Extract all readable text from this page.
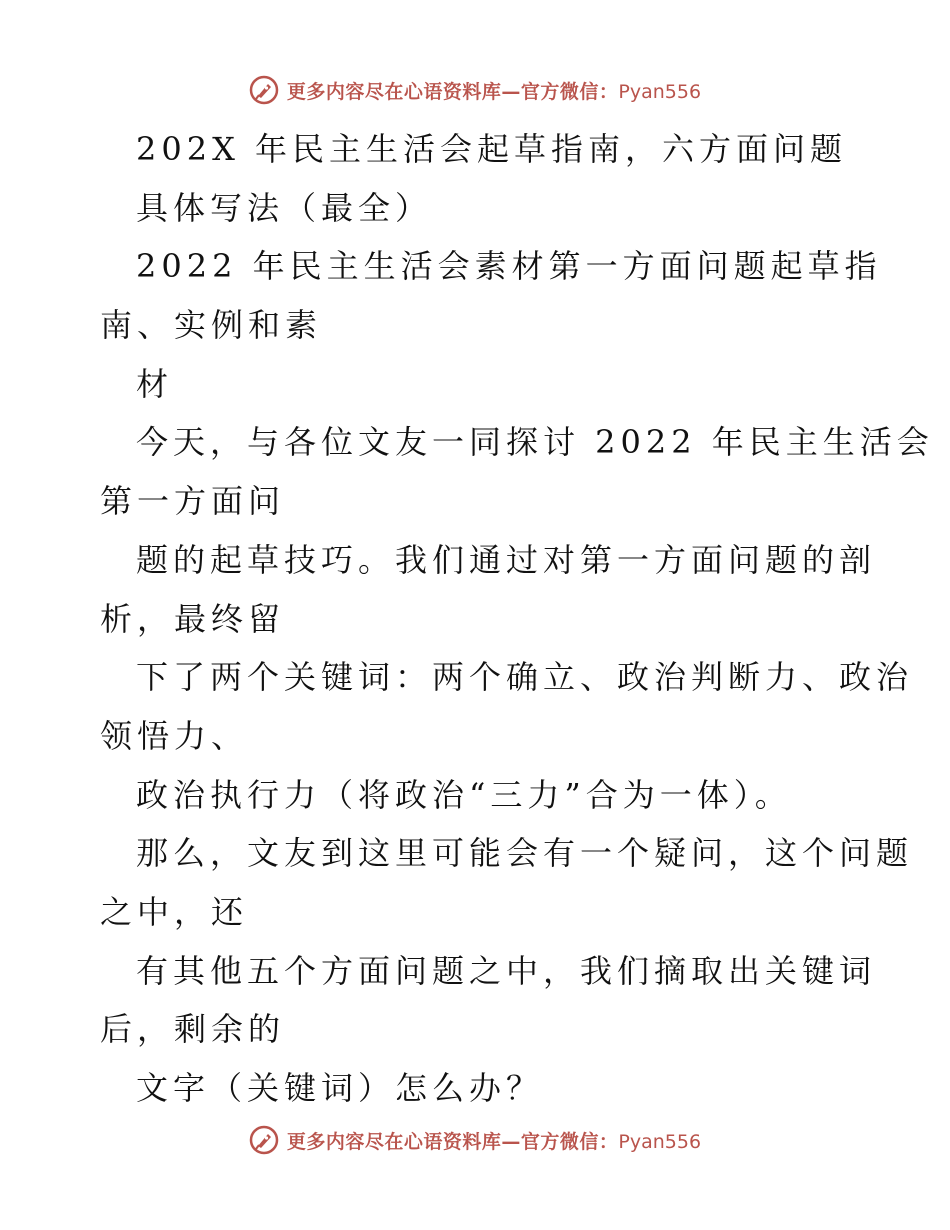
更多内容尽在心语资料库—官方微信：Pyan556
202X 年民主生活会起草指南，六方面问题
具体写法（最全）
2022 年民主生活会素材第一方面问题起草指
南、实例和素
材
今天，与各位文友一同探讨 2022 年民主生活会
第一方面问
题的起草技巧。我们通过对第一方面问题的剖
析，最终留
下了两个关键词：两个确立、政治判断力、政治
领悟力、
政治执行力（将政治“三力”合为一体）。
那么，文友到这里可能会有一个疑问，这个问题
之中，还
有其他五个方面问题之中，我们摘取出关键词
后，剩余的
文字（关键词）怎么办？
更多内容尽在心语资料库—官方微信：Pyan556
